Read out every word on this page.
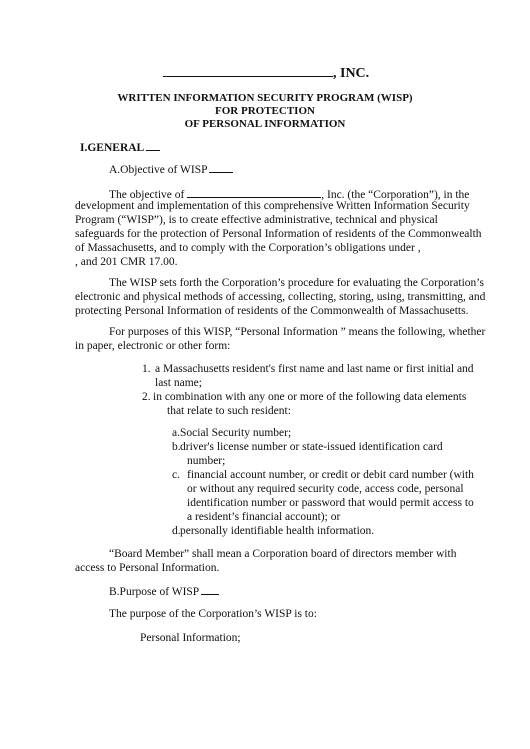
, INC.
WRITTEN INFORMATION SECURITY PROGRAM (WISP)
FOR PROTECTION
OF PERSONAL INFORMATION
I.GENERAL
A.Objective of WISP
The objective of	, Inc. (the “Corporation”), in the
development and implementation of this comprehensive Written Information Security
Program (“WISP”), is to create effective administrative, technical and physical
safeguards for the protection of Personal Information of residents of the Commonwealth
of Massachusetts, and to comply with the Corporation’s obligations under ,
, and 201 CMR 17.00.
The WISP sets forth the Corporation’s procedure for evaluating the Corporation’s
electronic and physical methods of accessing, collecting, storing, using, transmitting, and
protecting Personal Information of residents of the Commonwealth of Massachusetts.
For purposes of this WISP, “Personal Information ” means the following, whether
in paper, electronic or other form:
1. a Massachusetts resident's first name and last name or first initial and
last name;
2. in combination with any one or more of the following data elements
that relate to such resident:
a. Social Security number;
b. driver's license number or state-issued identification card
number;
c. financial account number, or credit or debit card number (with
or without any required security code, access code, personal
identification number or password that would permit access to
a resident’s financial account); or
d. personally identifiable health information.
“Board Member” shall mean a Corporation board of directors member with
access to Personal Information.
B.Purpose of WISP
The purpose of the Corporation’s WISP is to:
Personal Information;
